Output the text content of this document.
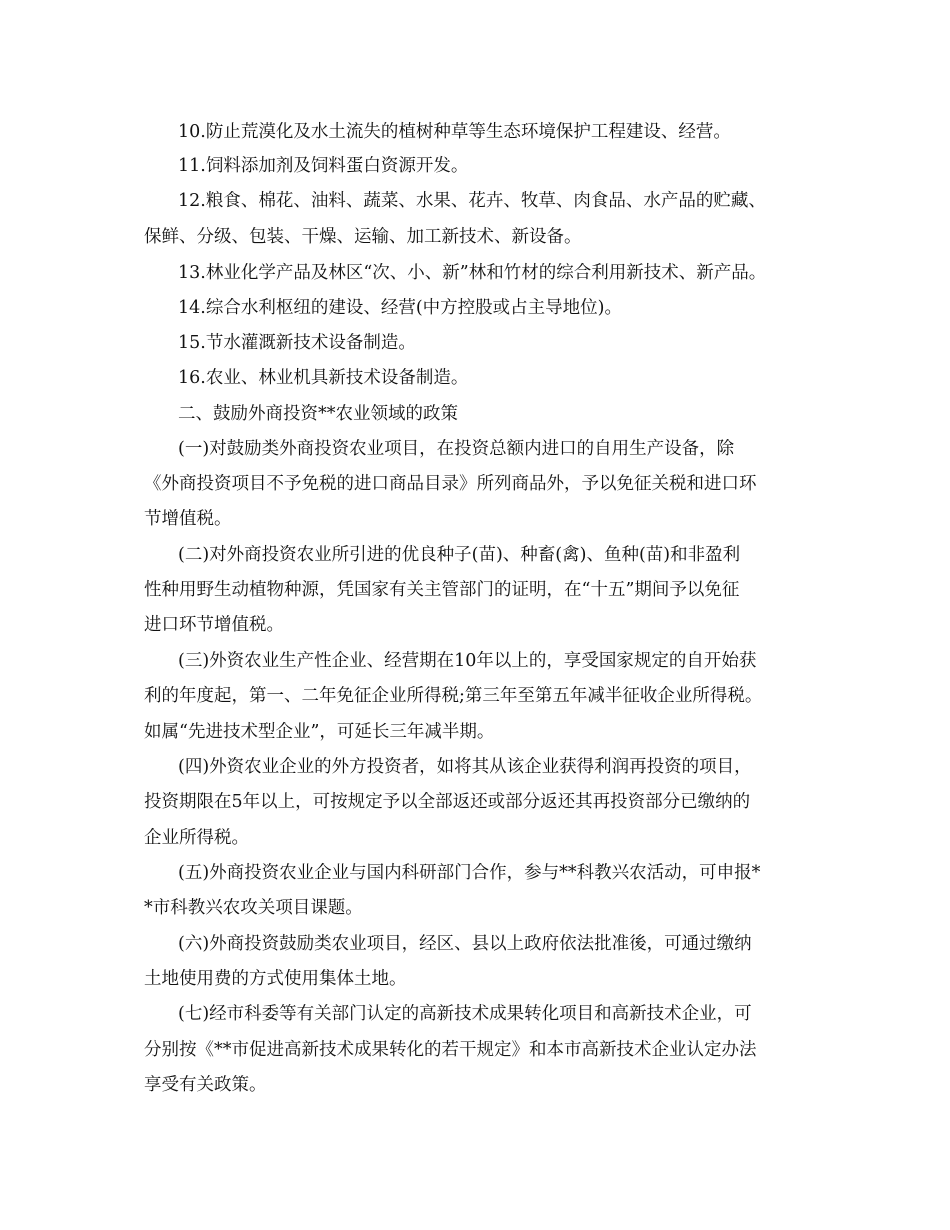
10.防止荒漠化及水土流失的植树种草等生态环境保护工程建设、经营。
11.饲料添加剂及饲料蛋白资源开发。
12.粮食、棉花、油料、蔬菜、水果、花卉、牧草、肉食品、水产品的贮藏、
保鲜、分级、包装、干燥、运输、加工新技术、新设备。
13.林业化学产品及林区“次、小、新”林和竹材的综合利用新技术、新产品。
14.综合水利枢纽的建设、经营(中方控股或占主导地位)。
15.节水灌溉新技术设备制造。
16.农业、林业机具新技术设备制造。
二、鼓励外商投资**农业领域的政策
(一)对鼓励类外商投资农业项目，在投资总额内进口的自用生产设备，除
《外商投资项目不予免税的进口商品目录》所列商品外，予以免征关税和进口环
节增值税。
(二)对外商投资农业所引进的优良种子(苗)、种畜(禽)、鱼种(苗)和非盈利
性种用野生动植物种源，凭国家有关主管部门的证明，在“十五”期间予以免征
进口环节增值税。
(三)外资农业生产性企业、经营期在10年以上的，享受国家规定的自开始获
利的年度起，第一、二年免征企业所得税;第三年至第五年减半征收企业所得税。
如属“先进技术型企业”，可延长三年减半期。
(四)外资农业企业的外方投资者，如将其从该企业获得利润再投资的项目，
投资期限在5年以上，可按规定予以全部返还或部分返还其再投资部分已缴纳的
企业所得税。
(五)外商投资农业企业与国内科研部门合作，参与**科教兴农活动，可申报*
*市科教兴农攻关项目课题。
(六)外商投资鼓励类农业项目，经区、县以上政府依法批准後，可通过缴纳
土地使用费的方式使用集体土地。
(七)经市科委等有关部门认定的高新技术成果转化项目和高新技术企业，可
分别按《**市促进高新技术成果转化的若干规定》和本市高新技术企业认定办法
享受有关政策。
